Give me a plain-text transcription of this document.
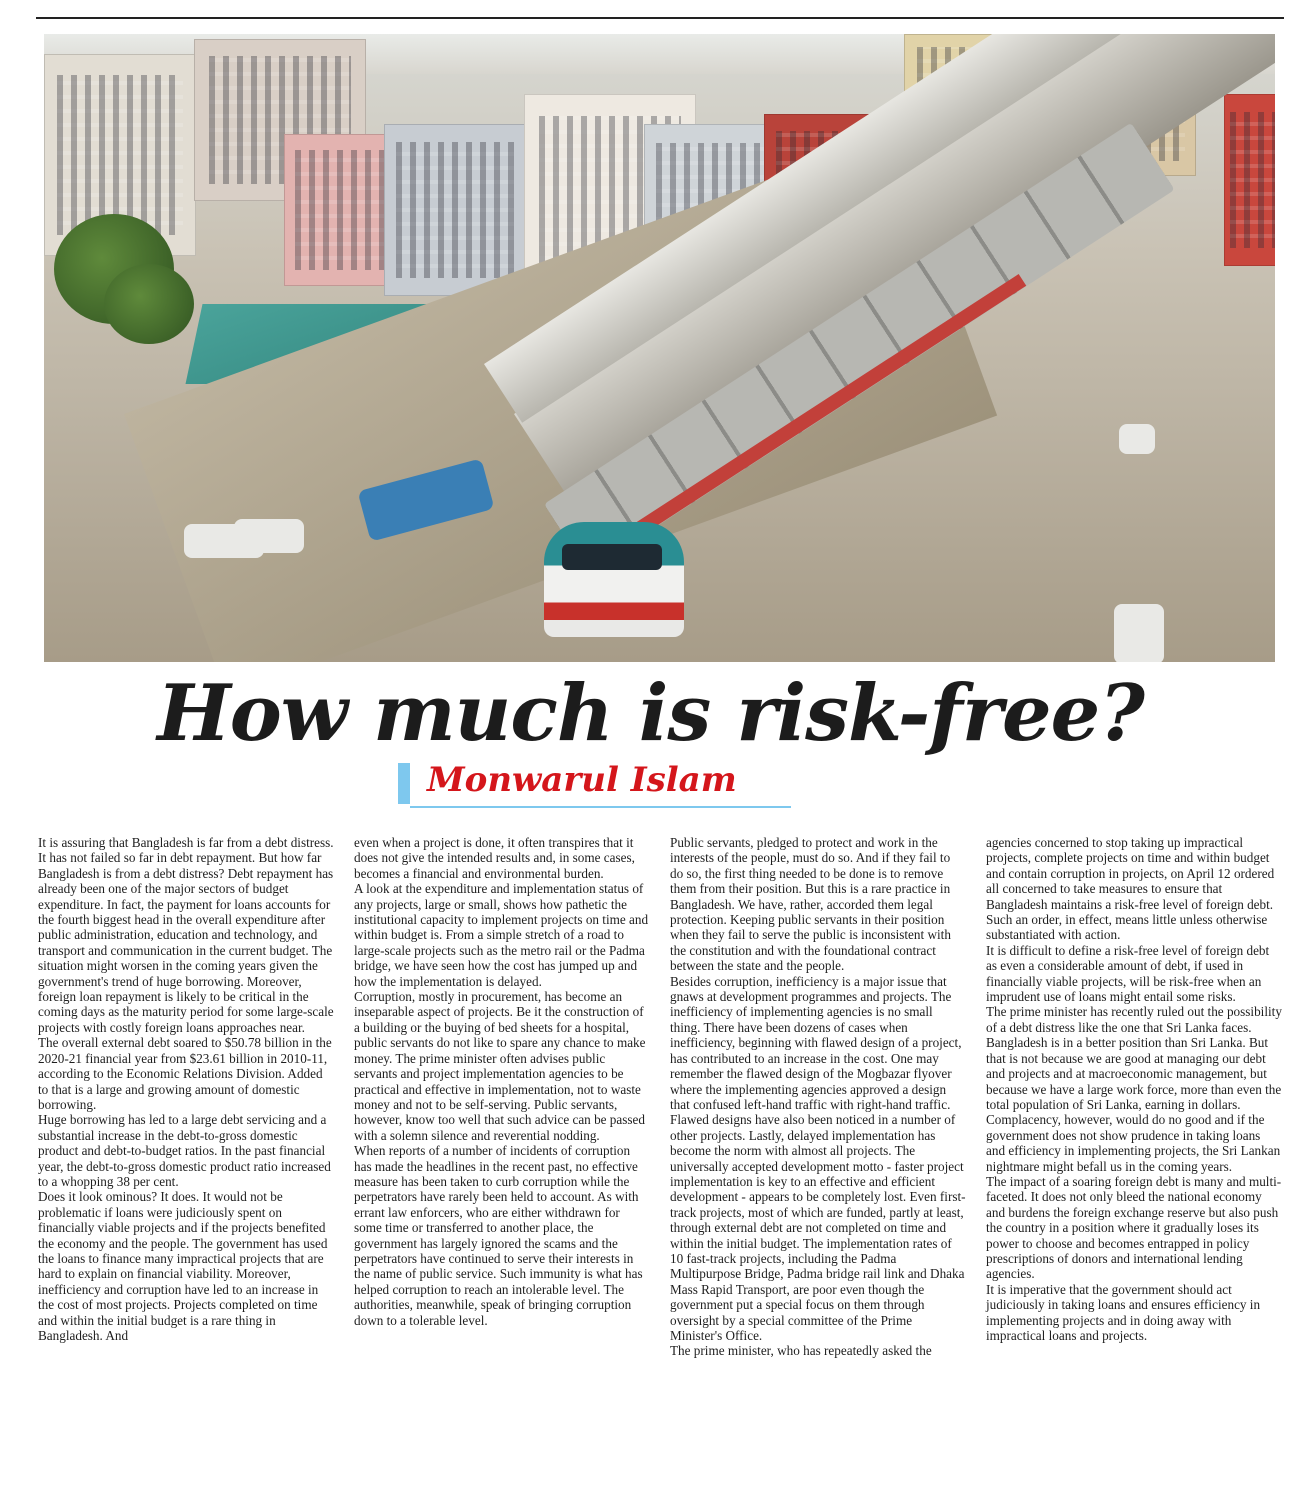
How much is risk-free?

Monwarul Islam

It is assuring that Bangladesh is far from a debt distress. It has not failed so far in debt repayment. But how far Bangladesh is from a debt distress? Debt repayment has already been one of the major sectors of budget expenditure. In fact, the payment for loans accounts for the fourth biggest head in the overall expenditure after public administration, education and technology, and transport and communication in the current budget. The situation might worsen in the coming years given the government's trend of huge borrowing. Moreover, foreign loan repayment is likely to be critical in the coming days as the maturity period for some large-scale projects with costly foreign loans approaches near.

The overall external debt soared to $50.78 billion in the 2020-21 financial year from $23.61 billion in 2010-11, according to the Economic Relations Division. Added to that is a large and growing amount of domestic borrowing.

Huge borrowing has led to a large debt servicing and a substantial increase in the debt-to-gross domestic product and debt-to-budget ratios. In the past financial year, the debt-to-gross domestic product ratio increased to a whopping 38 per cent.

Does it look ominous? It does. It would not be problematic if loans were judiciously spent on financially viable projects and if the projects benefited the economy and the people. The government has used the loans to finance many impractical projects that are hard to explain on financial viability. Moreover, inefficiency and corruption have led to an increase in the cost of most projects. Projects completed on time and within the initial budget is a rare thing in Bangladesh. And

even when a project is done, it often transpires that it does not give the intended results and, in some cases, becomes a financial and environmental burden.

A look at the expenditure and implementation status of any projects, large or small, shows how pathetic the institutional capacity to implement projects on time and within budget is. From a simple stretch of a road to large-scale projects such as the metro rail or the Padma bridge, we have seen how the cost has jumped up and how the implementation is delayed.

Corruption, mostly in procurement, has become an inseparable aspect of projects. Be it the construction of a building or the buying of bed sheets for a hospital, public servants do not like to spare any chance to make money. The prime minister often advises public servants and project implementation agencies to be practical and effective in implementation, not to waste money and not to be self-serving. Public servants, however, know too well that such advice can be passed with a solemn silence and reverential nodding.

When reports of a number of incidents of corruption has made the headlines in the recent past, no effective measure has been taken to curb corruption while the perpetrators have rarely been held to account. As with errant law enforcers, who are either withdrawn for some time or transferred to another place, the government has largely ignored the scams and the perpetrators have continued to serve their interests in the name of public service. Such immunity is what has helped corruption to reach an intolerable level. The authorities, meanwhile, speak of bringing corruption down to a tolerable level.

Public servants, pledged to protect and work in the interests of the people, must do so. And if they fail to do so, the first thing needed to be done is to remove them from their position. But this is a rare practice in Bangladesh. We have, rather, accorded them legal protection. Keeping public servants in their position when they fail to serve the public is inconsistent with the constitution and with the foundational contract between the state and the people.

Besides corruption, inefficiency is a major issue that gnaws at development programmes and projects. The inefficiency of implementing agencies is no small thing. There have been dozens of cases when inefficiency, beginning with flawed design of a project, has contributed to an increase in the cost. One may remember the flawed design of the Mogbazar flyover where the implementing agencies approved a design that confused left-hand traffic with right-hand traffic. Flawed designs have also been noticed in a number of other projects. Lastly, delayed implementation has become the norm with almost all projects. The universally accepted development motto - faster project implementation is key to an effective and efficient development - appears to be completely lost. Even first-track projects, most of which are funded, partly at least, through external debt are not completed on time and within the initial budget. The implementation rates of 10 fast-track projects, including the Padma Multipurpose Bridge, Padma bridge rail link and Dhaka Mass Rapid Transport, are poor even though the government put a special focus on them through oversight by a special committee of the Prime Minister's Office.

The prime minister, who has repeatedly asked the

agencies concerned to stop taking up impractical projects, complete projects on time and within budget and contain corruption in projects, on April 12 ordered all concerned to take measures to ensure that Bangladesh maintains a risk-free level of foreign debt. Such an order, in effect, means little unless otherwise substantiated with action.

It is difficult to define a risk-free level of foreign debt as even a considerable amount of debt, if used in financially viable projects, will be risk-free when an imprudent use of loans might entail some risks.

The prime minister has recently ruled out the possibility of a debt distress like the one that Sri Lanka faces. Bangladesh is in a better position than Sri Lanka. But that is not because we are good at managing our debt and projects and at macroeconomic management, but because we have a large work force, more than even the total population of Sri Lanka, earning in dollars.

Complacency, however, would do no good and if the government does not show prudence in taking loans and efficiency in implementing projects, the Sri Lankan nightmare might befall us in the coming years.

The impact of a soaring foreign debt is many and multi-faceted. It does not only bleed the national economy and burdens the foreign exchange reserve but also push the country in a position where it gradually loses its power to choose and becomes entrapped in policy prescriptions of donors and international lending agencies.

It is imperative that the government should act judiciously in taking loans and ensures efficiency in implementing projects and in doing away with impractical loans and projects.
